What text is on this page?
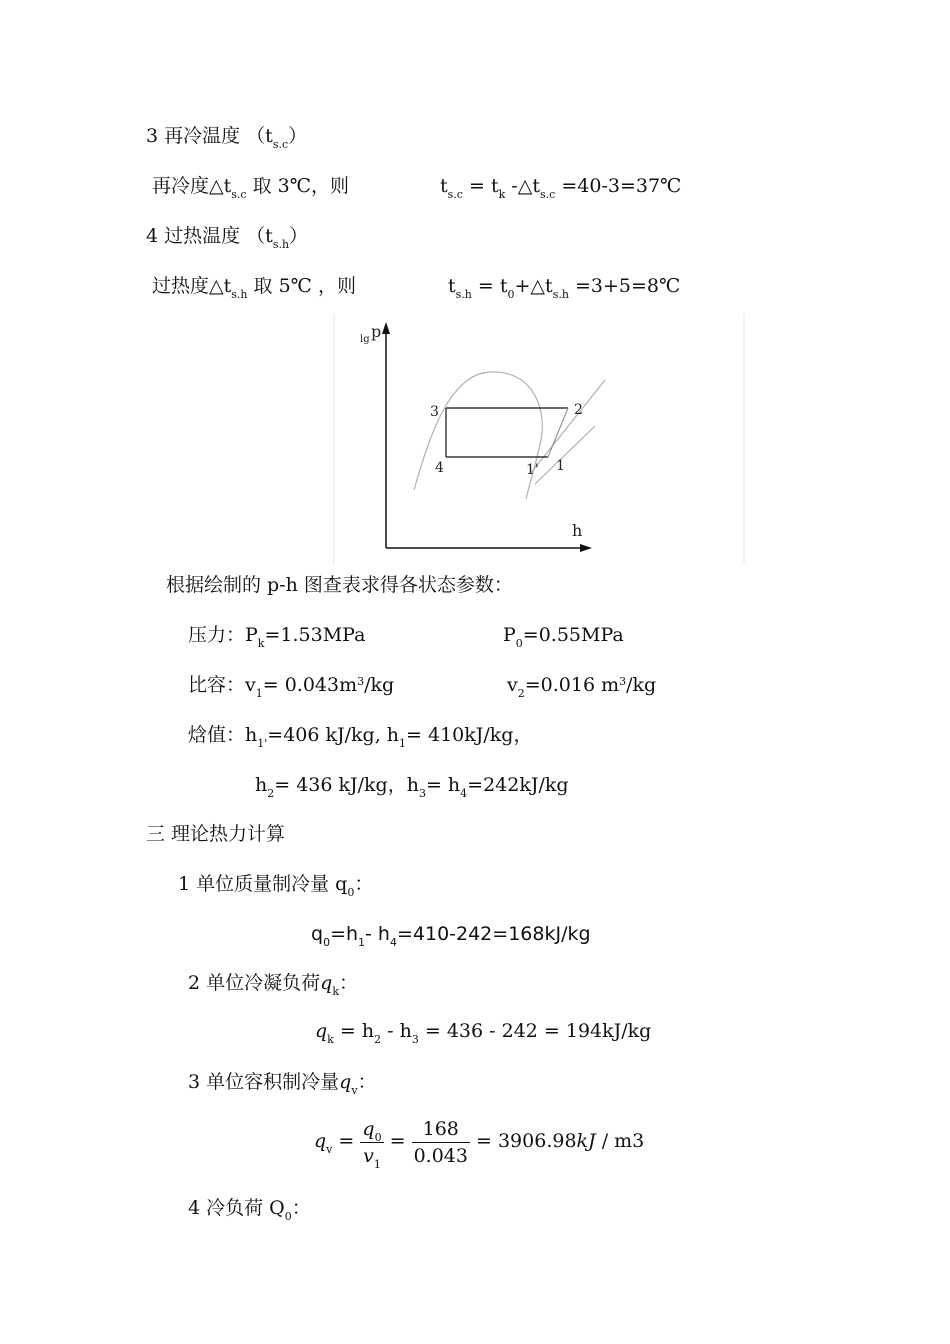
3 再冷温度 $(t_{s.c})$
再冷度$\triangle t_{s.c}$ 取 3℃，则	$t_{s.c} = t_k$ $-\triangle t_{s.c}$ =40-3=37℃
4 过热温度 $(t_{s.h})$
过热度$\triangle t_{s.h}$ 取 5℃ ，则	$t_{s.h}$ = $t_0+\triangle t_{s.h}$ =3+5=8℃
lg p
h
3	2
4	1' 1
根据绘制的 p-h 图查表求得各状态参数：
压力：$P_k=1.53MPa$	$P_0=0.55MPa$
比容：$v_1= 0.043m^3/kg$	$v_2=0.016$ $m^3/kg$
焓值：$h_{1'}=406$ kJ/kg, $h_1= 410kJ/kg$，
$h_2= 436$ kJ/kg，$h_3= h_4=242kJ/kg$
三 理论热力计算
1 单位质量制冷量 $q_0$：
$q_0=h_1-$ $h_4=410-242=168kJ/kg$
2 单位冷凝负荷$q_k$：
$q_k = h_2 - h_3 = 436 - 242 = 194kJ/kg$
3 单位容积制冷量$q_v$：
$q_v = \frac{q_0}{v_1} = \frac{168}{0.043} = 3906.98kJ / m3$
4 冷负荷 $Q_0$：
